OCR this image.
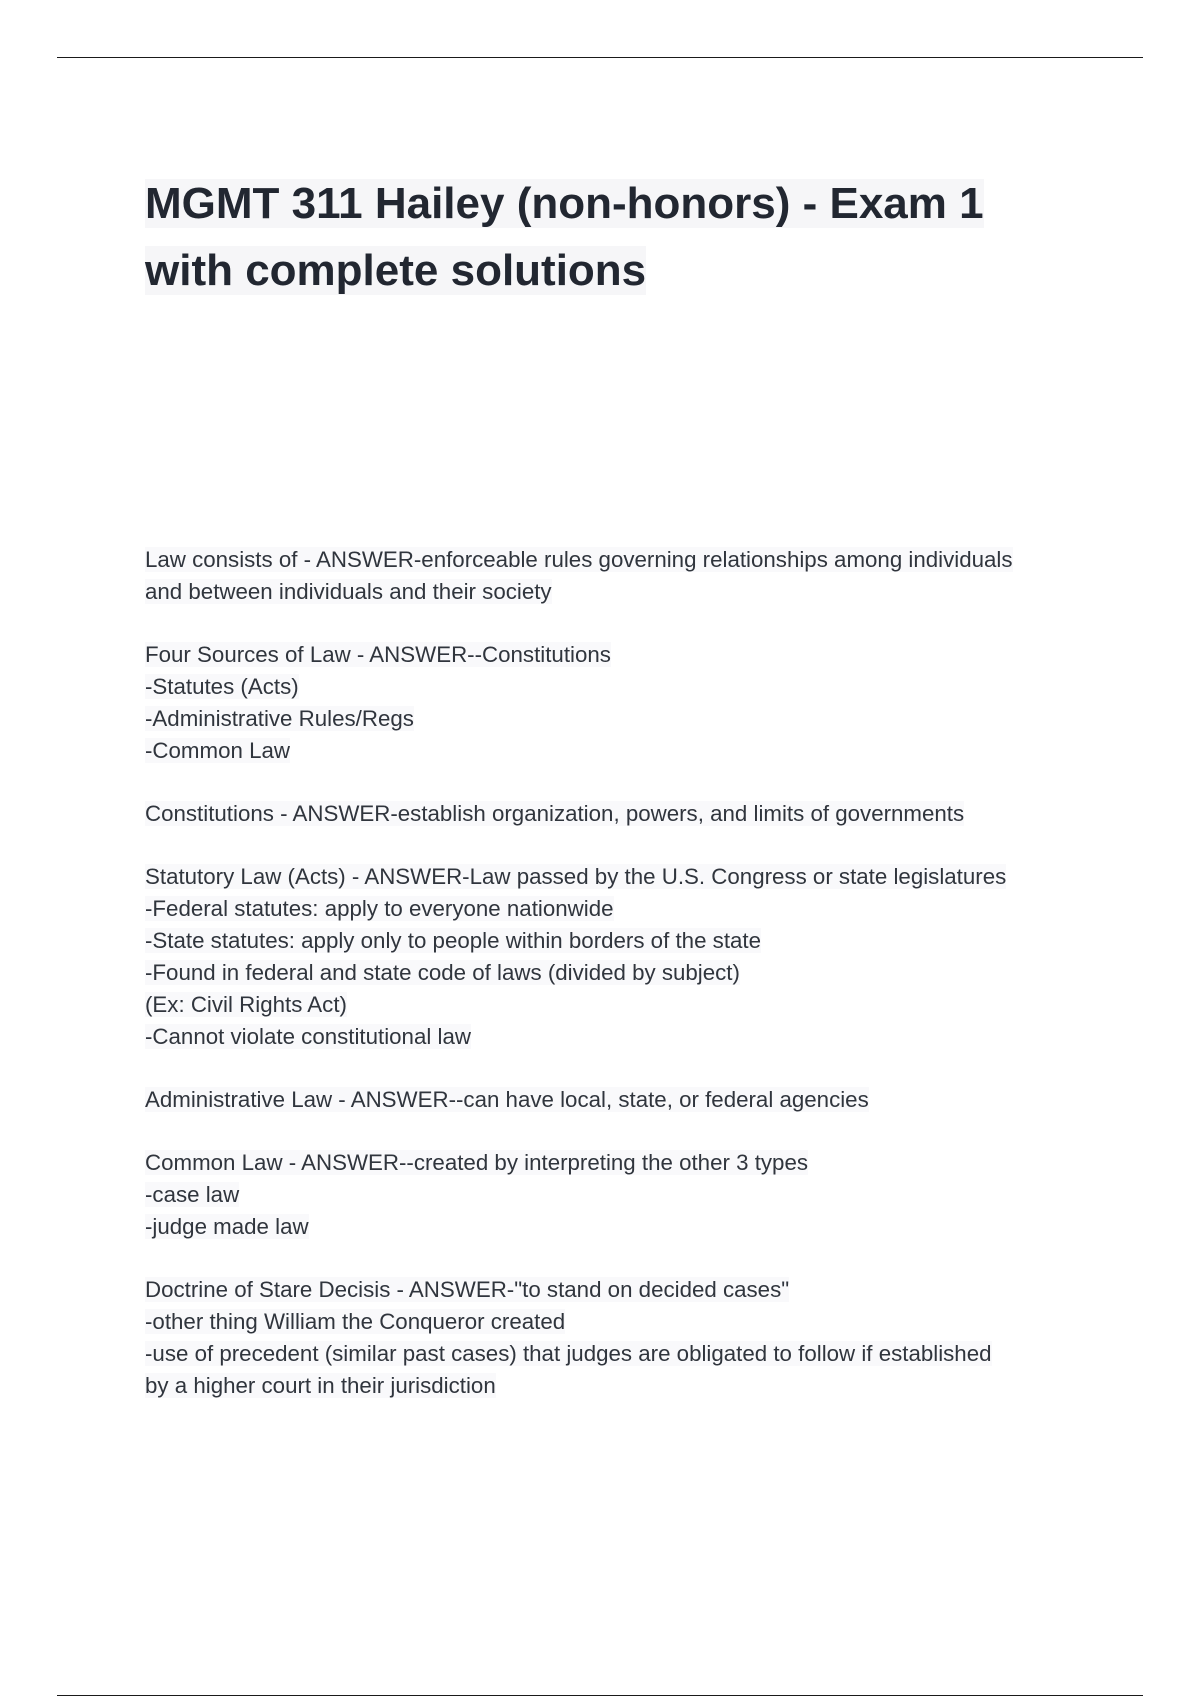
MGMT 311 Hailey (non-honors) - Exam 1
with complete solutions
Law consists of - ANSWER-enforceable rules governing relationships among individuals
and between individuals and their society
Four Sources of Law - ANSWER--Constitutions
-Statutes (Acts)
-Administrative Rules/Regs
-Common Law
Constitutions - ANSWER-establish organization, powers, and limits of governments
Statutory Law (Acts) - ANSWER-Law passed by the U.S. Congress or state legislatures
-Federal statutes: apply to everyone nationwide
-State statutes: apply only to people within borders of the state
-Found in federal and state code of laws (divided by subject)
(Ex: Civil Rights Act)
-Cannot violate constitutional law
Administrative Law - ANSWER--can have local, state, or federal agencies
Common Law - ANSWER--created by interpreting the other 3 types
-case law
-judge made law
Doctrine of Stare Decisis - ANSWER-"to stand on decided cases"
-other thing William the Conqueror created
-use of precedent (similar past cases) that judges are obligated to follow if established
by a higher court in their jurisdiction
